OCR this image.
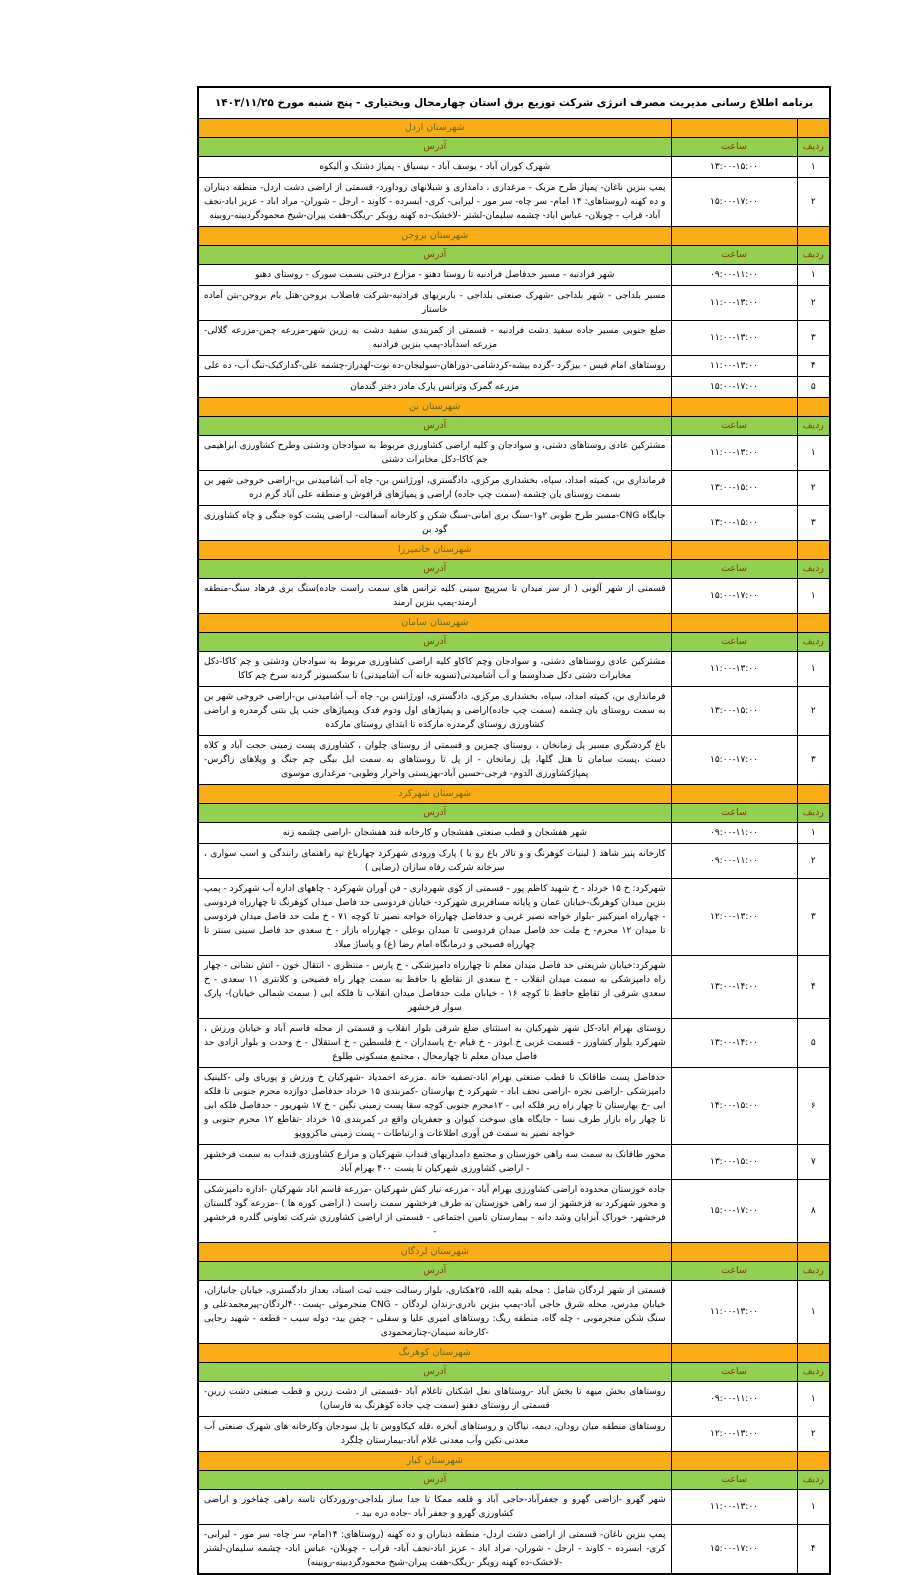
برنامه اطلاع رسانی مدیریت مصرف انرژی شرکت توزیع برق استان چهارمحال وبختیاری - پنج شنبه مورخ ۱۴۰۳/۱۱/۲۵		
		شهرستان اردل
ردیف	ساعت	آدرس
۱	۱۳:۰۰-۱۵:۰۰	شهرک کوران آباد - یوسف آباد - نیسیاق - پمپاژ دشتک و آلیکوه
۲	۱۵:۰۰-۱۷:۰۰	پمپ بنزین ناغان- پمپاژ طرح مریک - مرغداری ، دامداری و شیلانهای روداورد- قسمتی از اراضی دشت اردل- منطقه دیناران و ده کهنه (روستاهای: ۱۴ امام- سر چاه- سر مور - لیرابی- کری- ابسرده - کاوند - ارجل - شوران- مراد اباد - عزیز اباد-نجف آباد- قراب - چوبلان- عباس اباد- چشمه سلیمان-لشتر -لاخشک-ده کهنه روبکر -ریگک-هفت پیران-شیخ محمودگردبینه-روبینه
		شهرستان بروجن
ردیف	ساعت	آدرس
۱	۰۹:۰۰-۱۱:۰۰	شهر فرادنبه - مسیر حدفاصل فرادنبه تا روستا دهنو - مزارع درختی بسمت سورک - روستای دهنو
۲	۱۱:۰۰-۱۳:۰۰	مسیر بلداجی - شهر بلداجی -شهرک صنعتی بلداجی - باربریهای فرادنبه-شرکت فاضلاب بروجن-هتل بام بروجن-بتن آماده خاستار
۳	۱۱:۰۰-۱۳:۰۰	ضلع جنوبی مسیر جاده سفید دشت فرادنبه - قسمتی از کمربندی سفید دشت به زرین شهر-مزرعه چمن-مزرعه گلالی-مزرعه اسدآباد-پمپ بنزین فرادنبه
۴	۱۱:۰۰-۱۳:۰۰	روستاهای امام قیس - بیزگرد -گرده بیشه-کردشامی-دوراهان-سولیجان-ده نوت-لهدراز-چشمه علی-گدارکبک-تنگ آب- ده علی
۵	۱۵:۰۰-۱۷:۰۰	مزرعه گمرک وترانس پارک مادر دختر گندمان
		شهرستان بن
ردیف	ساعت	آدرس
۱	۱۱:۰۰-۱۳:۰۰	مشترکین عادی روستاهای دشتی، و سوادجان و کلیه اراضی کشاورزی مربوط به سوادجان ودشتی وطرح کشاورزی ابراهیمی جم کاکا-دکل مخابرات دشتی
۲	۱۳:۰۰-۱۵:۰۰	فرمانداری بن، کمیته امداد، سپاه، بخشداری مرکزی، دادگستری، اورژانس بن- چاه آب آشامیدنی بن-اراضی خروجی شهر بن بسمت روستای یان چشمه (سمت چپ جاده) اراضی و پمپاژهای قرافوش و منطقه علی آباد گرم دره
۳	۱۳:۰۰-۱۵:۰۰	جایگاه CNG-مسیر طرح طوبی ۲و۱-سنگ بری امانی-سنگ شکن و کارخانه آسفالت- اراضی پشت کوه جنگی و چاه کشاورزی گود بن
		شهرستان خانمیرزا
ردیف	ساعت	آدرس
۱	۱۵:۰۰-۱۷:۰۰	قسمتی از شهر آلونی ( از سر میدان تا سرپیچ سینی کلیه ترانس های سمت راست جاده)سنگ بری فرهاد سنگ-منطقه ارمند-پمپ بنزین ارمند
		شهرستان سامان
ردیف	ساعت	آدرس
۱	۱۱:۰۰-۱۳:۰۰	مشترکین عادی روستاهای دشتی، و سوادجان وچم کاکاو کلیه اراضی کشاورزی مربوط به سوادجان ودشتی و چم کاکا-دکل مخابرات دشتی دکل صداوسما و آب آشامیدنی(تسویه خانه آب آشامیدنی) تا سکسیونر گردنه سرخ چم کاکا
۲	۱۳:۰۰-۱۵:۰۰	فرمانداری بن، کمیته امداد، سپاه، بخشداری مرکزی، دادگستری، اورژانس بن- چاه آب آشامیدنی بن-اراضی خروجی شهر بن به سمت روستای یان چشمه (سمت چپ جاده)اراضی و پمپاژهای اول ودوم فدک وپمپاژهای جنب پل بتنی گرمدره و اراضی کشاورزی روستای گرمدره مارکده تا ابتدای روستای مارکده
۳	۱۵:۰۰-۱۷:۰۰	باغ گردشگری مسیر پل زمانخان ، روستای چمزین و قسمتی از روستای چلوان ، کشاورزی پست زمینی حجت آباد و کلاه دست ،پست سامان تا هتل گلها، پل زمانخان - از پل تا روستاهای به سمت ایل بیگی چم جنگ و ویلاهای زاگرس-پمپاژکشاورزی الدوم- فرجی-حسین آباد-بهزیستی واحرار وطوبی- مرغداری موسوی
		شهرستان شهرکرد
ردیف	ساعت	آدرس
۱	۰۹:۰۰-۱۱:۰۰	شهر هفشجان و قطب صنعتی هفشجان و کارخانه قند هفشجان -اراضی چشمه زنه
۲	۰۹:۰۰-۱۱:۰۰	کارخانه پنیر شاهد ( لبنیات کوهرنگ و و تالار باغ رو یا ) پارک ورودی شهرکرد چهارباغ تپه راهنمای رانندگی و اسب سواری ، سرخانه شرکت رفاه سازان (رضایی )
۳	۱۲:۰۰-۱۳:۰۰	شهرکرد: خ ۱۵ خرداد - خ شهید کاظم پور - قسمتی از کوی شهرداری - فن آوران شهرکرد - چاههای اداره آب شهرکرد - پمپ بنزین میدان کوهرنگ-خیابان عمان و پایانه مسافربری شهرکرد- خیابان فردوسی حد فاصل میدان کوهرنگ تا چهارراه فردوسی - چهارراه امیرکبیر -بلوار خواجه نصیر غربی و حدفاصل چهارراه خواجه نصیر تا کوچه ۷۱ - خ ملت حد فاصل میدان فردوسی تا میدان ۱۲ محرم- خ ملت حد فاصل میدان فردوسی تا میدان بوعلی - چهارراه بازار - خ سعدی حد فاصل سینی سنتر تا چهارراه فصیحی و درمانگاه امام رضا (ع) و پاساژ میلاد
۴	۱۳:۰۰-۱۴:۰۰	شهرکرد:خیابان شریعتی حد فاصل میدان معلم تا چهارراه دامپزشکی - خ پارس - منتظری - انتقال خون - اتش نشانی - چهار راه دامپزشکی به سمت میدان انقلاب - خ سعدی از تقاطع با حافظ به سمت چهار راه فصیحی و کلانتری ۱۱ سعدی - خ سعدی شرقی از تقاطع حافظ تا کوچه ۱۶ - خیابان ملت حدفاصل میدان انقلاب تا فلکه ابی ( سمت شمالی خیابان)- پارک سوار فرخشهر
۵	۱۳:۰۰-۱۴:۰۰	روستای بهرام اباد-کل شهر شهرکیان به استثنای ضلع شرقی بلوار انقلاب و قسمتی از محله قاسم آباد و خیابان ورزش ، شهرکرد بلوار کشاورز - قسمت غربی خ ابوذر - خ قیام -خ پاسداران - خ فلسطین - خ استقلال - خ وحدت و بلوار ازادی حد فاصل میدان معلم تا چهارمحال ، مجتمع مسکونی طلوع
۶	۱۴:۰۰-۱۵:۰۰	حدفاصل پست طاقانک تا قطب صنعتی بهرام اباد-تصفیه خانه .مزرعه احمدیاد -شهرکیان خ ورزش و پوریای ولی -کلینیک دامپزشکی -اراضی نجره -اراضی نجف اباد - شهرکرد خ بهارستان -کمربندی ۱۵ خرداد حدفاصل دوازده محرم جنوبی تا فلکه ابی -خ بهارستان تا چهار راه زیر فلکه ابی - ۱۲محرم جنوبی کوچه سقا پست زمینی نگین - خ ۱۷ شهریور - حدفاصل فلکه ابی تا چهار راه بازار طرف نسا - جایگاه های سوخت کیوان و جعفریان واقع در کمربندی ۱۵ خرداد -تقاطع ۱۲ محرم جنوبی و خواجه نصیر به سمت فن آوری اطلاعات و ارتباطات - پست زمینی ماکروویو
۷	۱۳:۰۰-۱۵:۰۰	محور طاقانک به سمت سه راهی خوزستان و مجتمع دامداریهای قنداب شهرکیان و مزارع کشاورزی قنداب به سمت فرخشهر - اراضی کشاورزی شهرکیان تا پست ۴۰۰ بهرام آباد
۸	۱۵:۰۰-۱۷:۰۰	جاده خوزستان محدوده اراضی کشاورزی بهرام آباد - مزرعه نیاز کش شهرکیان -مزرعه قاسم اباد شهرکیان -اداره دامپزشکی و محور شهرکرد به فرخشهر از سه راهی خوزستان به طرف فرخشهر سمت راست ( اراضی کوره ها ) -مزرعه گود گلستان فرخشهر- خوراک آبزایان وشد دانه - بیمارستان تامین اجتماعی - قسمتی از اراضی کشاورزی شرکت تعاونی گلدره فرخشهر -
		شهرستان لردگان
ردیف	ساعت	آدرس
۱	۱۱:۰۰-۱۳:۰۰	قسمتی از شهر لردگان شامل : محله بقیه الله، ۲۵هکتاری، بلوار رسالت جنب ثبت اسناد، بعداز دادگستری، خیابان جانبازان، خیابان مدرس، محله شرق حاجی آباد-پمپ بنزین نادری-زندان لردگان - CNG منجرموئی -پست۴۰۰لردگان-پیرمحمدعلی و سنگ شکن منجرموبی - چله گاه، منطقه ریگ: روستاهای امیری علیا و سفلی - چمن بید- دوله سیب - قطعه - شهید رجایی -کارخانه سیمان-چنارمحمودی
		شهرستان کوهرنگ
ردیف	ساعت	آدرس
۱	۰۹:۰۰-۱۱:۰۰	روستاهای بخش میهه تا بخش آباد -روستاهای نعل اشکنان تاغلام آباد -قسمتی از دشت زرین و قطب صنعتی دشت زرین-قسمتی از روستای دهنو (سمت چپ جاده کوهرنگ به فارسان)
۲	۱۲:۰۰-۱۳:۰۰	روستاهای منطقه میان رودان، دیمه، نیاگان و روستاهای آبخره ،قله کیکاووس تا پل سودجان وکارخانه های شهرک صنعتی آب معدنی تکین وآب معدنی غلام آباد-بیمارستان چلگرد
		شهرستان کیار
ردیف	ساعت	آدرس
۱	۱۱:۰۰-۱۳:۰۰	شهر گهرو -اراضی گهرو و جعفرآباد-حاجی آباد و قلعه ممکا تا جدا ساز بلداجی-وزوردکان تاسه راهی چفاخور و اراضی کشاورزی گهرو و جعفر آباد -جاده دره بید -
۴	۱۵:۰۰-۱۷:۰۰	پمپ بنزین ناغان- قسمتی از اراضی دشت اردل- منطقه دیناران و ده کهنه (روستاهای: ۱۴امام- سر چاه- سر مور - لیرابی- کری- ابسرده - کاوند - ارجل - شوران- مراد اباد - عزیز اباد-نجف آباد- قراب - چوبلان- عباس اباد- چشمه سلیمان-لشتر -لاخشک-ده کهنه رویگر -ریگک-هفت پیران-شیخ محمودگردبینه-روبینه)
